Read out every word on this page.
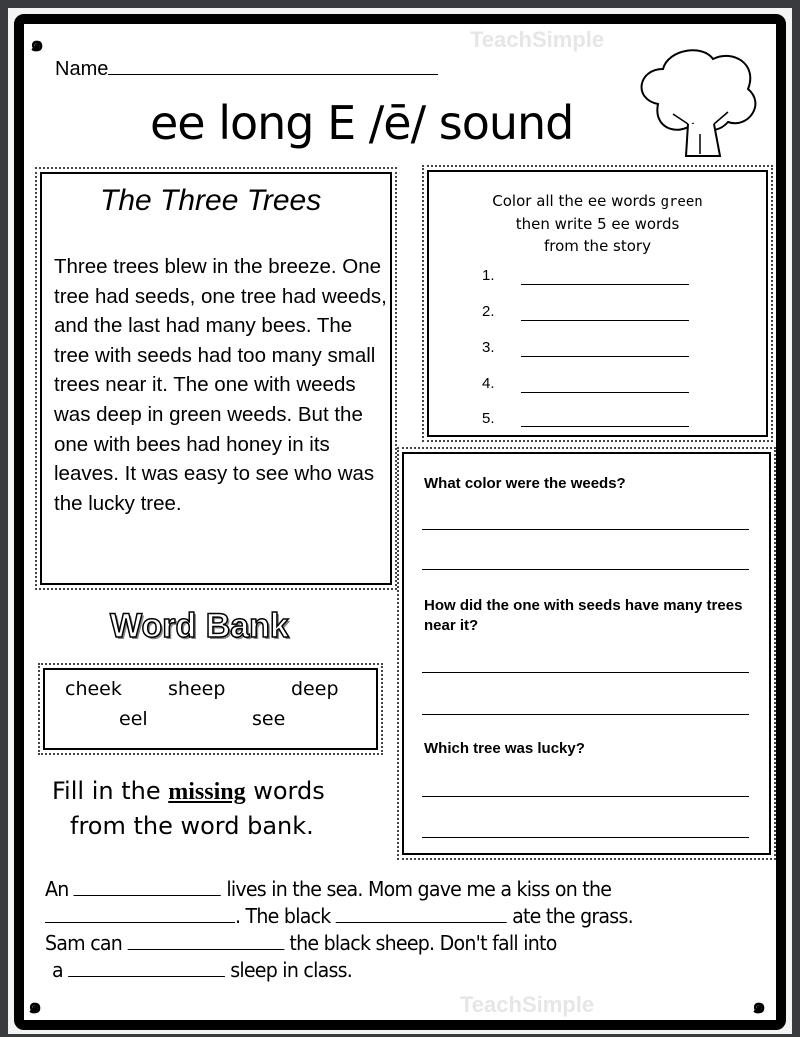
TeachSimple
TeachSimple
๑
Name
ee long E /ē/ sound
The Three Trees

Three trees blew in the breeze. One tree had seeds, one tree had weeds, and the last had many bees. The tree with seeds had too many small trees near it. The one with weeds was deep in green weeds. But the one with bees had honey in its leaves. It was easy to see who was the lucky tree.

Color all the ee words green
then write 5 ee words
from the story
1.
2.
3.
4.
5.
What color were the weeds?
How did the one with seeds have many trees near it?
Which tree was lucky?
Word Bank
cheek sheep	deep
eel	see
Fill in the missing words
from the word bank.
An	lives in the sea. Mom gave me a kiss on the
. The black	ate the grass.
Sam can	the black sheep. Don't fall into
a	sleep in class.
๑	๑
